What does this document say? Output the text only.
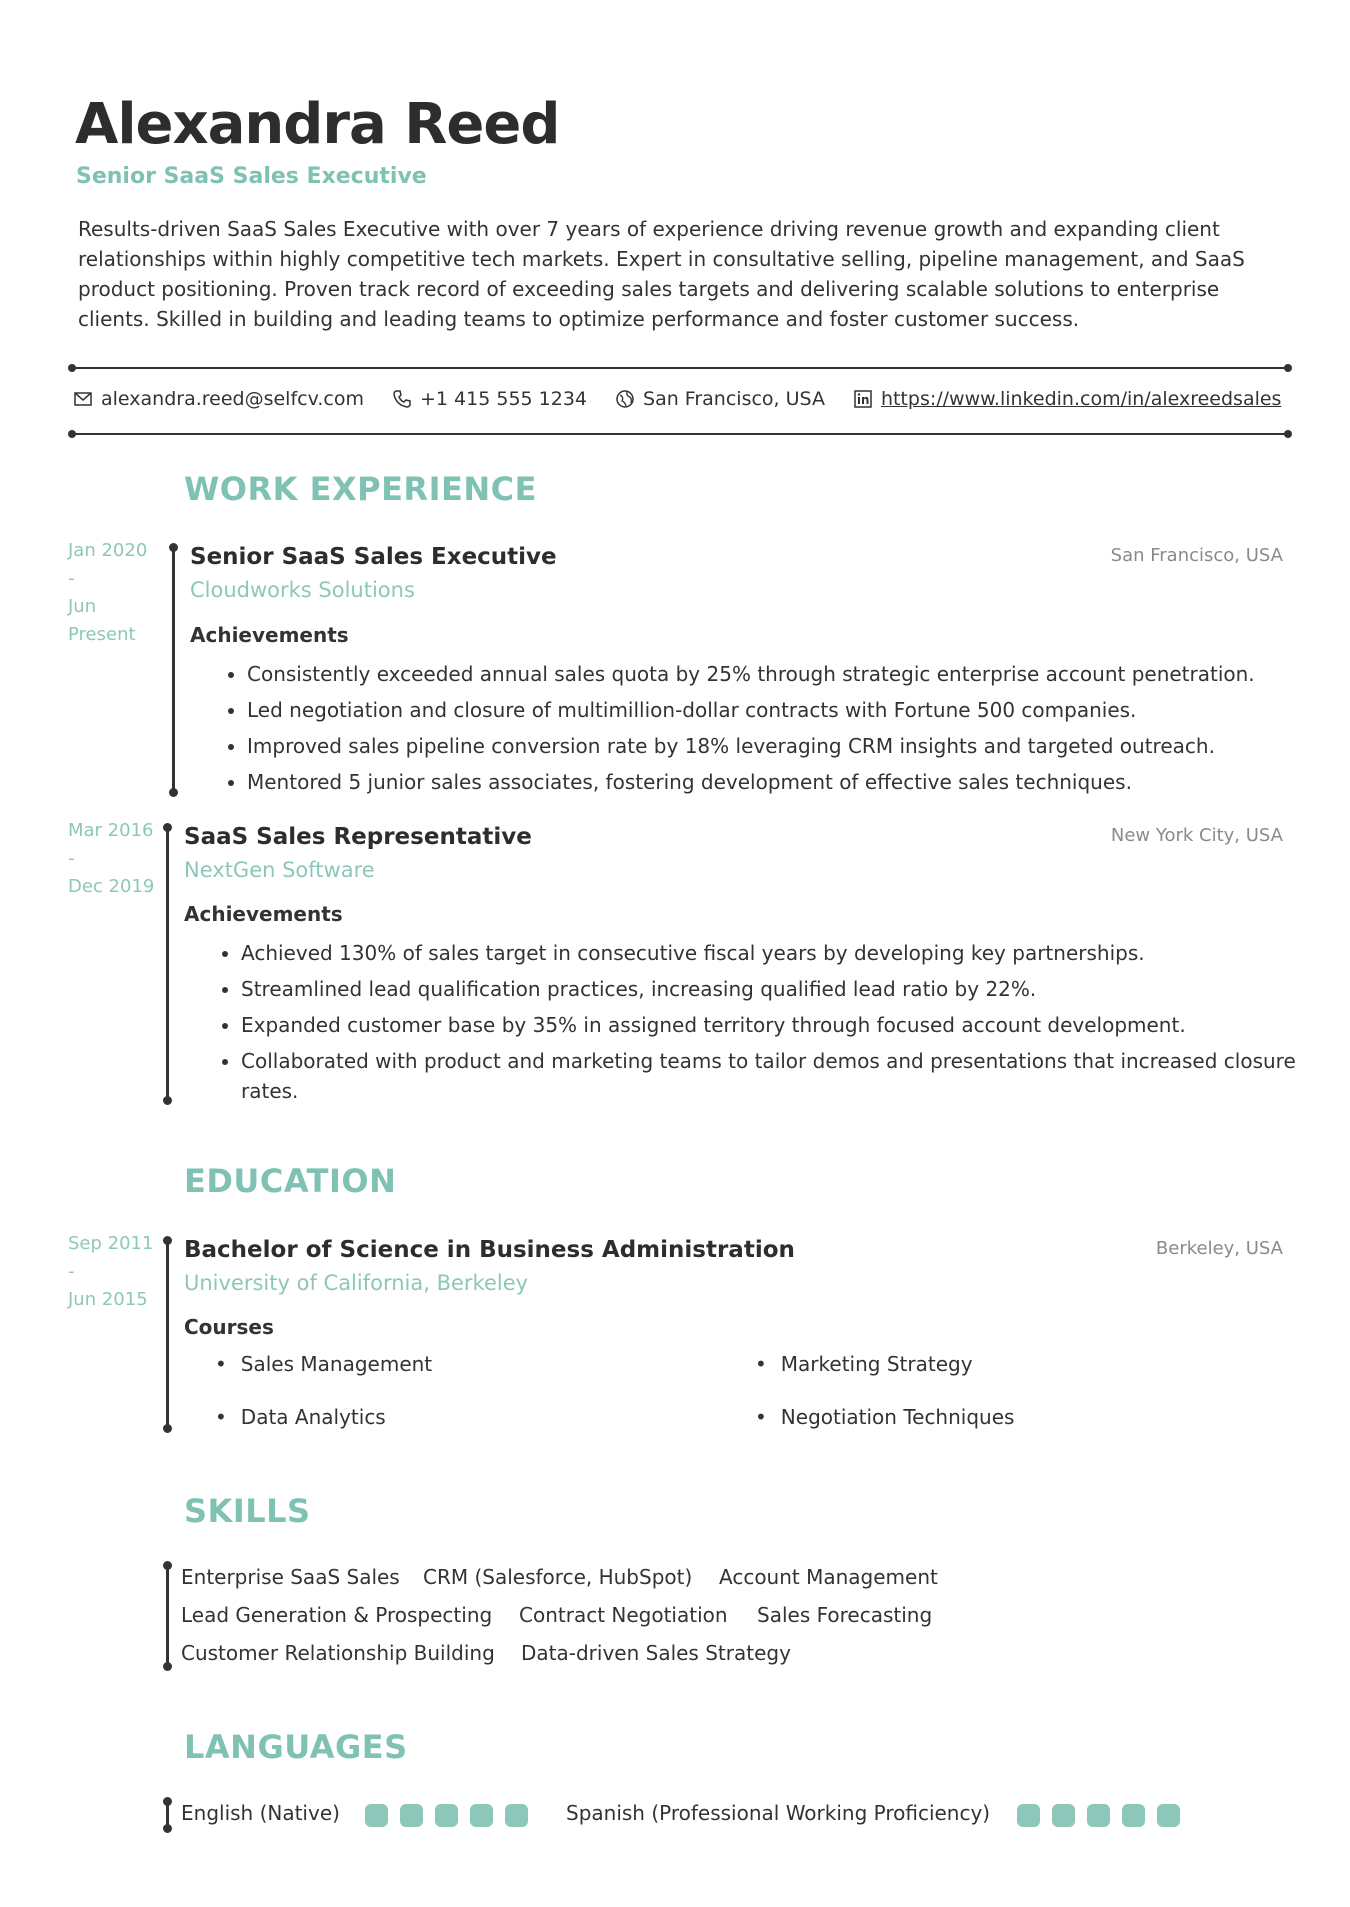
Alexandra Reed
Senior SaaS Sales Executive
Results-driven SaaS Sales Executive with over 7 years of experience driving revenue growth and expanding client relationships within highly competitive tech markets. Expert in consultative selling, pipeline management, and SaaS product positioning. Proven track record of exceeding sales targets and delivering scalable solutions to enterprise clients. Skilled in building and leading teams to optimize performance and foster customer success.
alexandra.reed@selfcv.com	+1 415 555 1234	San Francisco, USA	https://www.linkedin.com/in/alexreedsales
WORK EXPERIENCE
Jan 2020
-
Jun
Present
Senior SaaS Sales Executive	San Francisco, USA
Cloudworks Solutions
Achievements
• Consistently exceeded annual sales quota by 25% through strategic enterprise account penetration.
• Led negotiation and closure of multimillion-dollar contracts with Fortune 500 companies.
• Improved sales pipeline conversion rate by 18% leveraging CRM insights and targeted outreach.
• Mentored 5 junior sales associates, fostering development of effective sales techniques.
Mar 2016
-
Dec 2019
SaaS Sales Representative	New York City, USA
NextGen Software
Achievements
• Achieved 130% of sales target in consecutive fiscal years by developing key partnerships.
• Streamlined lead qualification practices, increasing qualified lead ratio by 22%.
• Expanded customer base by 35% in assigned territory through focused account development.
• Collaborated with product and marketing teams to tailor demos and presentations that increased closure rates.
EDUCATION
Sep 2011
-
Jun 2015
Bachelor of Science in Business Administration	Berkeley, USA
University of California, Berkeley
Courses
• Sales Management	• Marketing Strategy
• Data Analytics	• Negotiation Techniques
SKILLS
Enterprise SaaS Sales CRM (Salesforce, HubSpot) Account Management
Lead Generation & Prospecting Contract Negotiation Sales Forecasting
Customer Relationship Building Data-driven Sales Strategy
LANGUAGES
English (Native)	Spanish (Professional Working Proficiency)
